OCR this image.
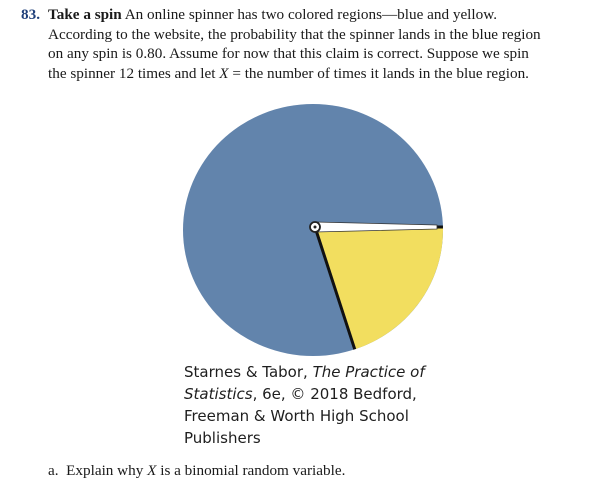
83. Take a spin An online spinner has two colored regions—blue and yellow.
According to the website, the probability that the spinner lands in the blue region
on any spin is 0.80. Assume for now that this claim is correct. Suppose we spin
the spinner 12 times and let X = the number of times it lands in the blue region.
Starnes & Tabor, The Practice of
Statistics, 6e, © 2018 Bedford,
Freeman & Worth High School
Publishers
a. Explain why X is a binomial random variable.
